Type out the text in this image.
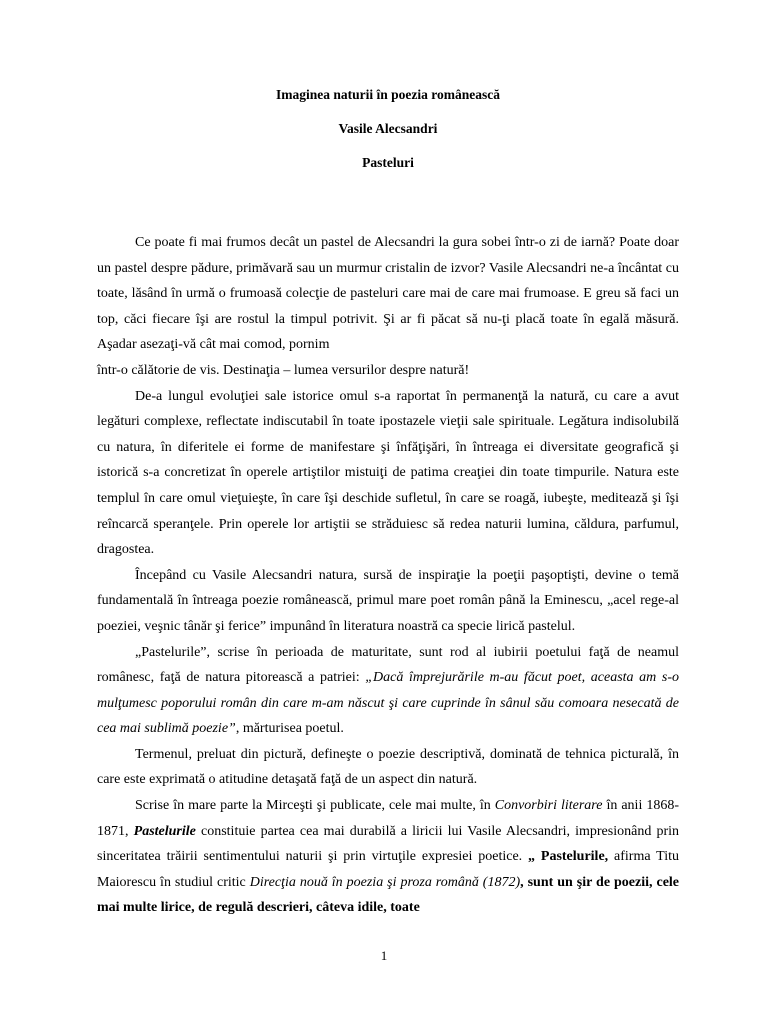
Imaginea naturii în poezia românească
Vasile Alecsandri
Pasteluri

Ce poate fi mai frumos decât un pastel de Alecsandri la gura sobei într-o zi de iarnă? Poate doar un pastel despre pădure, primăvară sau un murmur cristalin de izvor? Vasile Alecsandri ne-a încântat cu toate, lăsând în urmă o frumoasă colecţie de pasteluri care mai de care mai frumoase. E greu să faci un top, căci fiecare îşi are rostul la timpul potrivit. Şi ar fi păcat să nu-ţi placă toate în egală măsură. Aşadar asezaţi-vă cât mai comod, pornim
într-o călătorie de vis. Destinaţia – lumea versurilor despre natură!

De-a lungul evoluţiei sale istorice omul s-a raportat în permanenţă la natură, cu care a avut legături complexe, reflectate indiscutabil în toate ipostazele vieţii sale spirituale. Legătura indisolubilă cu natura, în diferitele ei forme de manifestare şi înfăţişări, în întreaga ei diversitate geografică şi istorică s-a concretizat în operele artiştilor mistuiţi de patima creaţiei din toate timpurile. Natura este templul în care omul vieţuieşte, în care îşi deschide sufletul, în care se roagă, iubeşte, meditează şi îşi reîncarcă speranţele. Prin operele lor artiştii se străduiesc să redea naturii lumina, căldura, parfumul, dragostea.

Începând cu Vasile Alecsandri natura, sursă de inspiraţie la poeţii paşoptişti, devine o temă fundamentală în întreaga poezie românească, primul mare poet român până la Eminescu, „acel rege-al poeziei, veşnic tânăr şi ferice” impunând în literatura noastră ca specie lirică pastelul.

„Pastelurile”, scrise în perioada de maturitate, sunt rod al iubirii poetului faţă de neamul românesc, faţă de natura pitorească a patriei: „Dacă împrejurările m-au făcut poet, aceasta am s-o mulţumesc poporului român din care m-am născut şi care cuprinde în sânul său comoara nesecată de cea mai sublimă poezie”, mărturisea poetul.

Termenul, preluat din pictură, defineşte o poezie descriptivă, dominată de tehnica picturală, în care este exprimată o atitudine detaşată faţă de un aspect din natură.

Scrise în mare parte la Mirceşti şi publicate, cele mai multe, în Convorbiri literare în anii 1868-1871, Pastelurile constituie partea cea mai durabilă a liricii lui Vasile Alecsandri, impresionând prin sinceritatea trăirii sentimentului naturii şi prin virtuţile expresiei poetice. „ Pastelurile, afirma Titu Maiorescu în studiul critic Direcţia nouă în poezia şi proza română (1872), sunt un şir de poezii, cele mai multe lirice, de regulă descrieri, câteva idile, toate

1
